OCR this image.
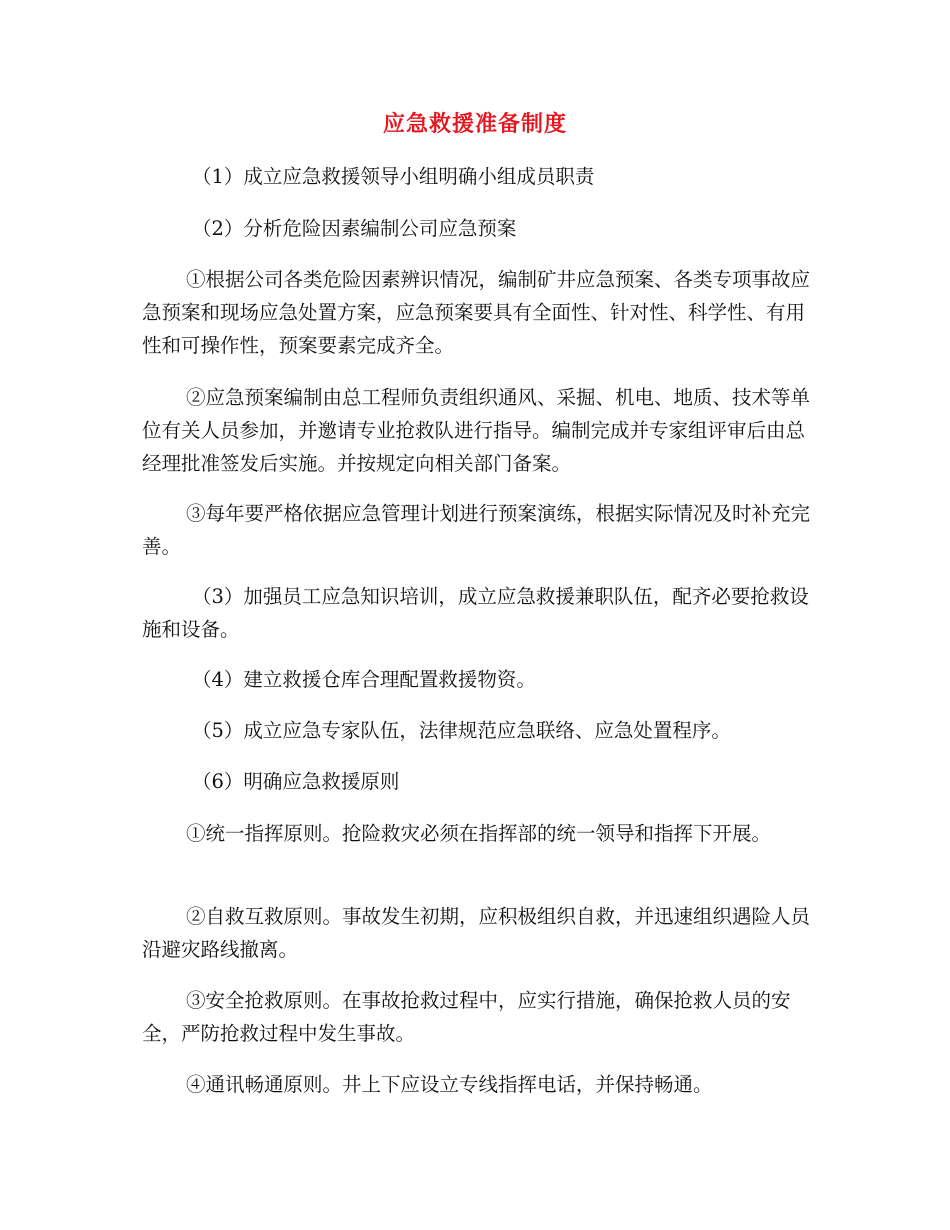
应急救援准备制度

（1）成立应急救援领导小组明确小组成员职责

（2）分析危险因素编制公司应急预案

①根据公司各类危险因素辨识情况，编制矿井应急预案、各类专项事故应急预案和现场应急处置方案，应急预案要具有全面性、针对性、科学性、有用性和可操作性，预案要素完成齐全。

②应急预案编制由总工程师负责组织通风、采掘、机电、地质、技术等单位有关人员参加，并邀请专业抢救队进行指导。编制完成并专家组评审后由总经理批准签发后实施。并按规定向相关部门备案。

③每年要严格依据应急管理计划进行预案演练，根据实际情况及时补充完善。

（3）加强员工应急知识培训，成立应急救援兼职队伍，配齐必要抢救设施和设备。

（4）建立救援仓库合理配置救援物资。

（5）成立应急专家队伍，法律规范应急联络、应急处置程序。

（6）明确应急救援原则

①统一指挥原则。抢险救灾必须在指挥部的统一领导和指挥下开展。

②自救互救原则。事故发生初期，应积极组织自救，并迅速组织遇险人员沿避灾路线撤离。

③安全抢救原则。在事故抢救过程中，应实行措施，确保抢救人员的安全，严防抢救过程中发生事故。

④通讯畅通原则。井上下应设立专线指挥电话，并保持畅通。
